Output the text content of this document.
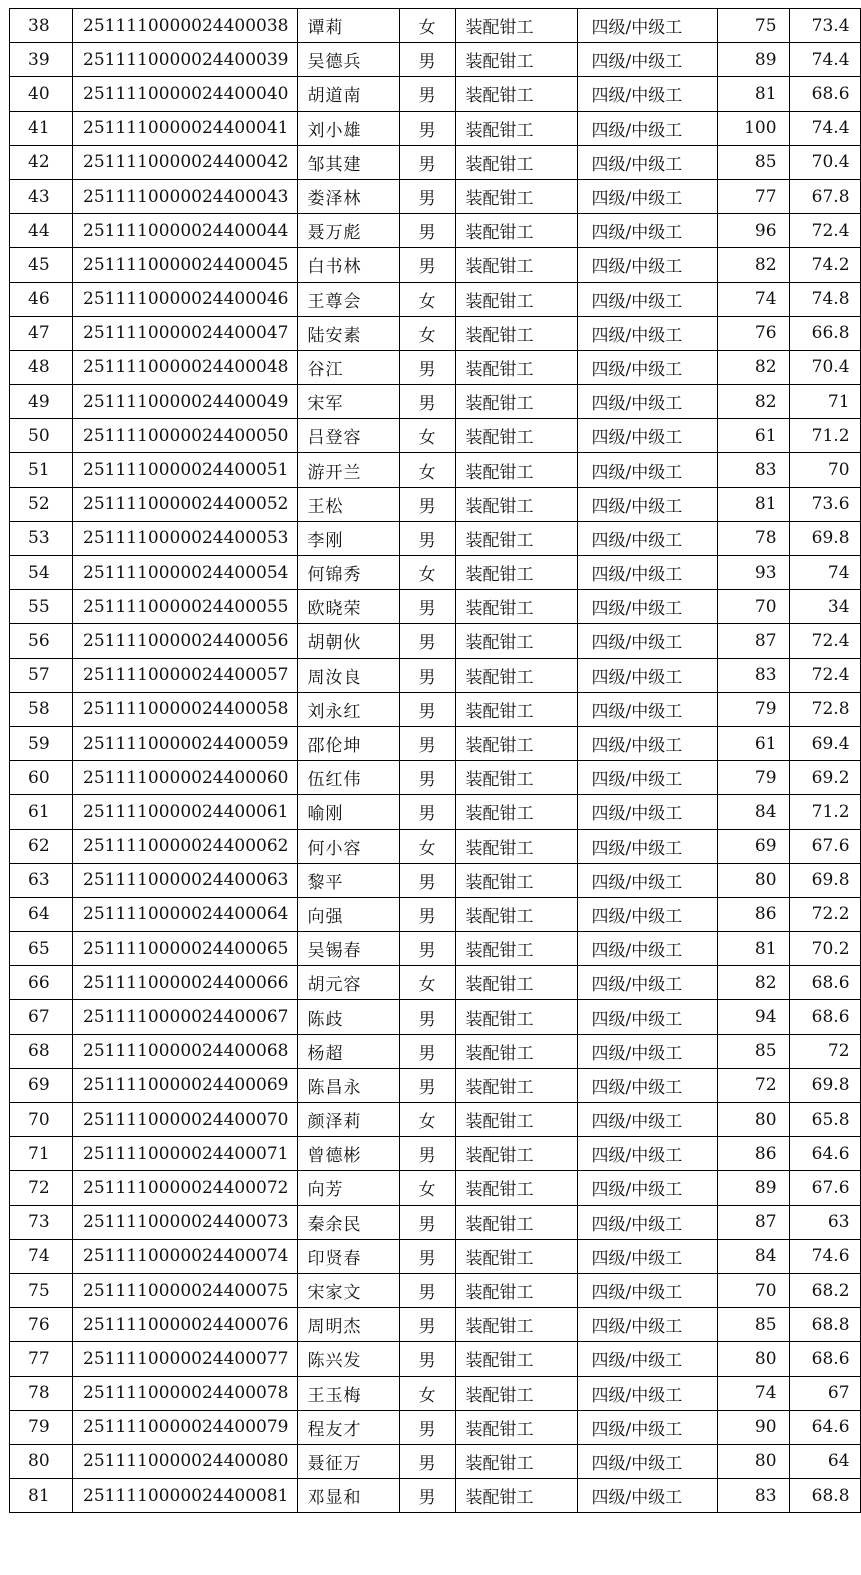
38	2511110000024400038	谭莉	女	装配钳工	四级/中级工	75	73.4
39	2511110000024400039	吴德兵	男	装配钳工	四级/中级工	89	74.4
40	2511110000024400040	胡道南	男	装配钳工	四级/中级工	81	68.6
41	2511110000024400041	刘小雄	男	装配钳工	四级/中级工	100	74.4
42	2511110000024400042	邹其建	男	装配钳工	四级/中级工	85	70.4
43	2511110000024400043	娄泽林	男	装配钳工	四级/中级工	77	67.8
44	2511110000024400044	聂万彪	男	装配钳工	四级/中级工	96	72.4
45	2511110000024400045	白书林	男	装配钳工	四级/中级工	82	74.2
46	2511110000024400046	王尊会	女	装配钳工	四级/中级工	74	74.8
47	2511110000024400047	陆安素	女	装配钳工	四级/中级工	76	66.8
48	2511110000024400048	谷江	男	装配钳工	四级/中级工	82	70.4
49	2511110000024400049	宋军	男	装配钳工	四级/中级工	82	71
50	2511110000024400050	吕登容	女	装配钳工	四级/中级工	61	71.2
51	2511110000024400051	游开兰	女	装配钳工	四级/中级工	83	70
52	2511110000024400052	王松	男	装配钳工	四级/中级工	81	73.6
53	2511110000024400053	李刚	男	装配钳工	四级/中级工	78	69.8
54	2511110000024400054	何锦秀	女	装配钳工	四级/中级工	93	74
55	2511110000024400055	欧晓荣	男	装配钳工	四级/中级工	70	34
56	2511110000024400056	胡朝伙	男	装配钳工	四级/中级工	87	72.4
57	2511110000024400057	周汝良	男	装配钳工	四级/中级工	83	72.4
58	2511110000024400058	刘永红	男	装配钳工	四级/中级工	79	72.8
59	2511110000024400059	邵伦坤	男	装配钳工	四级/中级工	61	69.4
60	2511110000024400060	伍红伟	男	装配钳工	四级/中级工	79	69.2
61	2511110000024400061	喻刚	男	装配钳工	四级/中级工	84	71.2
62	2511110000024400062	何小容	女	装配钳工	四级/中级工	69	67.6
63	2511110000024400063	黎平	男	装配钳工	四级/中级工	80	69.8
64	2511110000024400064	向强	男	装配钳工	四级/中级工	86	72.2
65	2511110000024400065	吴锡春	男	装配钳工	四级/中级工	81	70.2
66	2511110000024400066	胡元容	女	装配钳工	四级/中级工	82	68.6
67	2511110000024400067	陈歧	男	装配钳工	四级/中级工	94	68.6
68	2511110000024400068	杨超	男	装配钳工	四级/中级工	85	72
69	2511110000024400069	陈昌永	男	装配钳工	四级/中级工	72	69.8
70	2511110000024400070	颜泽莉	女	装配钳工	四级/中级工	80	65.8
71	2511110000024400071	曾德彬	男	装配钳工	四级/中级工	86	64.6
72	2511110000024400072	向芳	女	装配钳工	四级/中级工	89	67.6
73	2511110000024400073	秦余民	男	装配钳工	四级/中级工	87	63
74	2511110000024400074	印贤春	男	装配钳工	四级/中级工	84	74.6
75	2511110000024400075	宋家文	男	装配钳工	四级/中级工	70	68.2
76	2511110000024400076	周明杰	男	装配钳工	四级/中级工	85	68.8
77	2511110000024400077	陈兴发	男	装配钳工	四级/中级工	80	68.6
78	2511110000024400078	王玉梅	女	装配钳工	四级/中级工	74	67
79	2511110000024400079	程友才	男	装配钳工	四级/中级工	90	64.6
80	2511110000024400080	聂征万	男	装配钳工	四级/中级工	80	64
81	2511110000024400081	邓显和	男	装配钳工	四级/中级工	83	68.8
